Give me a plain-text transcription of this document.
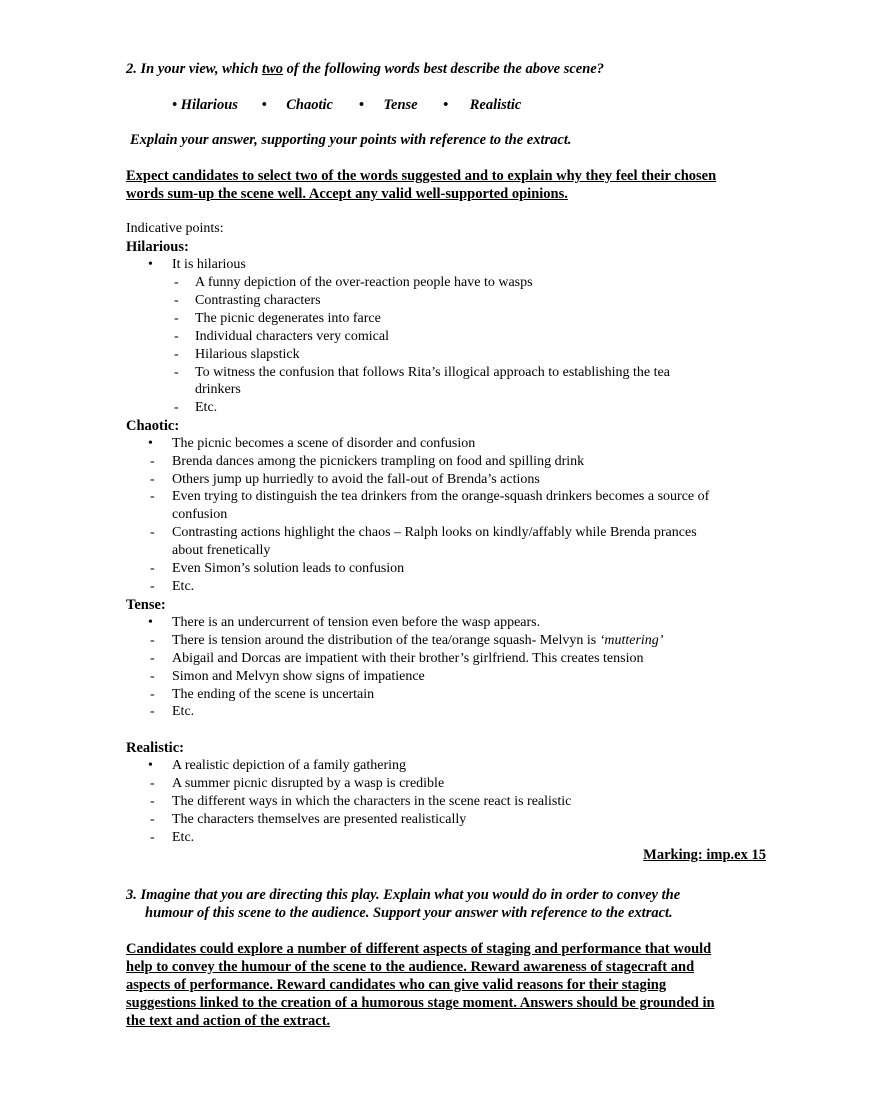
2. In your view, which two of the following words best describe the above scene?
• Hilarious • Chaotic • Tense • Realistic
Explain your answer, supporting your points with reference to the extract.
Expect candidates to select two of the words suggested and to explain why they feel their chosen
words sum-up the scene well. Accept any valid well-supported opinions.
Indicative points:
Hilarious:
• It is hilarious
- A funny depiction of the over-reaction people have to wasps
- Contrasting characters
- The picnic degenerates into farce
- Individual characters very comical
- Hilarious slapstick
- To witness the confusion that follows Rita’s illogical approach to establishing the tea
drinkers
- Etc.
Chaotic:
• The picnic becomes a scene of disorder and confusion
- Brenda dances among the picnickers trampling on food and spilling drink
- Others jump up hurriedly to avoid the fall-out of Brenda’s actions
- Even trying to distinguish the tea drinkers from the orange-squash drinkers becomes a source of
confusion
- Contrasting actions highlight the chaos – Ralph looks on kindly/affably while Brenda prances
about frenetically
- Even Simon’s solution leads to confusion
- Etc.
Tense:
• There is an undercurrent of tension even before the wasp appears.
- There is tension around the distribution of the tea/orange squash- Melvyn is ‘muttering’
- Abigail and Dorcas are impatient with their brother’s girlfriend. This creates tension
- Simon and Melvyn show signs of impatience
- The ending of the scene is uncertain
- Etc.
Realistic:
• A realistic depiction of a family gathering
- A summer picnic disrupted by a wasp is credible
- The different ways in which the characters in the scene react is realistic
- The characters themselves are presented realistically
- Etc.
Marking: imp.ex 15
3. Imagine that you are directing this play. Explain what you would do in order to convey the
humour of this scene to the audience. Support your answer with reference to the extract.
Candidates could explore a number of different aspects of staging and performance that would
help to convey the humour of the scene to the audience. Reward awareness of stagecraft and
aspects of performance. Reward candidates who can give valid reasons for their staging
suggestions linked to the creation of a humorous stage moment. Answers should be grounded in
the text and action of the extract.
